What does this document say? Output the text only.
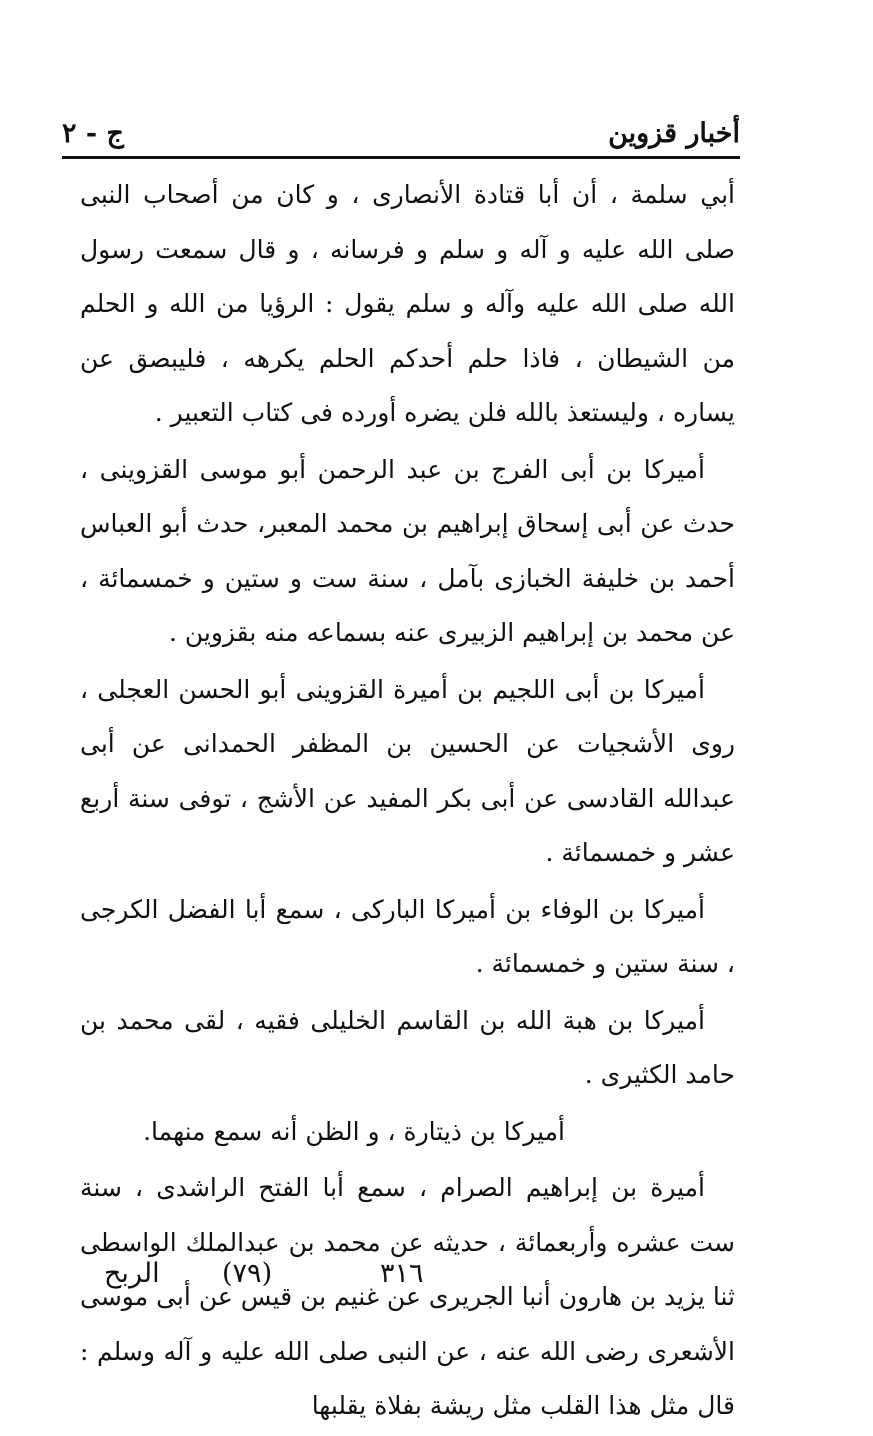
أخبار قزوين
ج - ٢

أبي سلمة ، أن أبا قتادة الأنصارى ، و كان من أصحاب النبى صلى الله عليه و آله و سلم و فرسانه ، و قال سمعت رسول الله صلى الله عليه وآله و سلم يقول : الرؤيا من الله و الحلم من الشيطان ، فاذا حلم أحدكم الحلم يكرهه ، فليبصق عن يساره ، وليستعذ بالله فلن يضره أورده فى كتاب التعبير .

أميركا بن أبى الفرج بن عبد الرحمن أبو موسى القزوينى ، حدث عن أبى إسحاق إبراهيم بن محمد المعبر، حدث أبو العباس أحمد بن خليفة الخبازى بآمل ، سنة ست و ستين و خمسمائة ، عن محمد بن إبراهيم الزبيرى عنه بسماعه منه بقزوين .

أميركا بن أبى اللجيم بن أميرة القزوينى أبو الحسن العجلى ، روى الأشجيات عن الحسين بن المظفر الحمدانى عن أبى عبدالله القادسى عن أبى بكر المفيد عن الأشج ، توفى سنة أربع عشر و خمسمائة .

أميركا بن الوفاء بن أميركا الباركى ، سمع أبا الفضل الكرجى ، سنة ستين و خمسمائة .

أميركا بن هبة الله بن القاسم الخليلى فقيه ، لقى محمد بن حامد الكثيرى .

أميركا بن ذيتارة ، و الظن أنه سمع منهما.

أميرة بن إبراهيم الصرام ، سمع أبا الفتح الراشدى ، سنة ست عشره وأربعمائة ، حديثه عن محمد بن عبدالملك الواسطى ثنا يزيد بن هارون أنبا الجريرى عن غنيم بن قيس عن أبى موسى الأشعرى رضى الله عنه ، عن النبى صلى الله عليه و آله وسلم : قال مثل هذا القلب مثل ريشة بفلاة يقلبها

الربح (٧٩)	٣١٦
